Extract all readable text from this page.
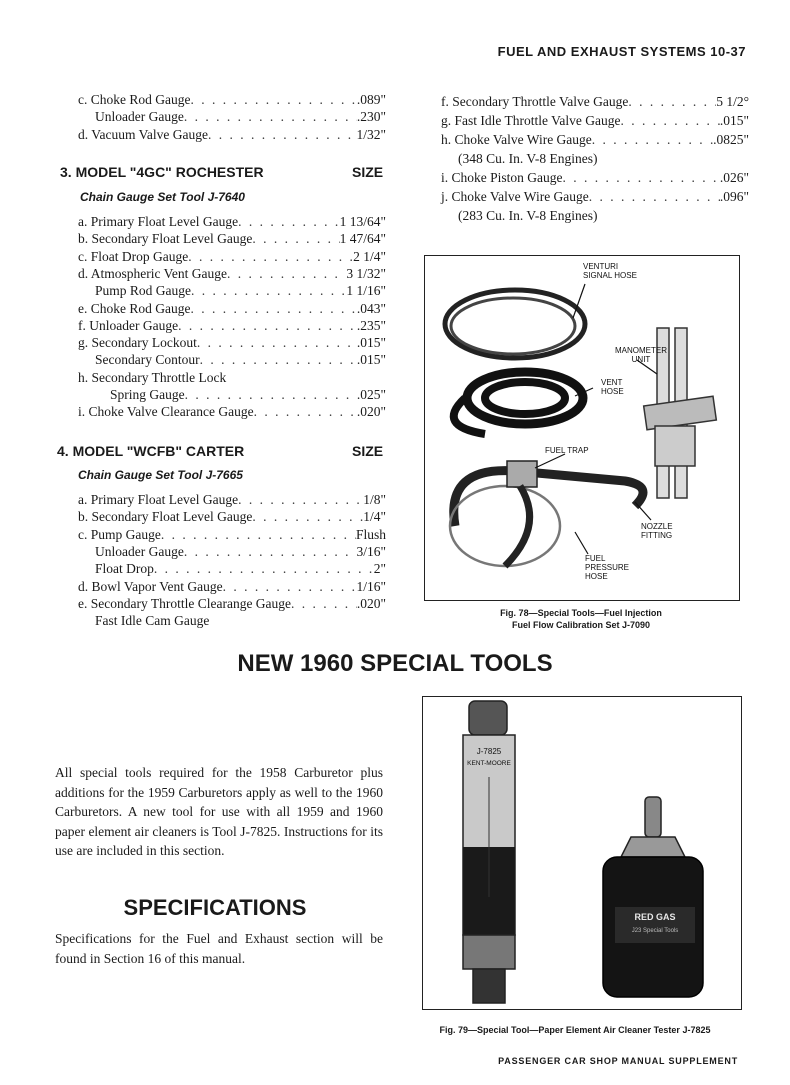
FUEL AND EXHAUST SYSTEMS 10-37
c. Choke Rod Gauge . . .	.089"
Unloader Gauge . . .	.230"
d. Vacuum Valve Gauge . . .	1/32"
3. MODEL "4GC" ROCHESTER	SIZE
Chain Gauge Set Tool J-7640
a. Primary Float Level Gauge . . .	1 13/64"
b. Secondary Float Level Gauge . . .	1 47/64"
c. Float Drop Gauge . . .	2 1/4"
d. Atmospheric Vent Gauge . . .	3 1/32"
Pump Rod Gauge . . .	1 1/16"
e. Choke Rod Gauge . . .	.043"
f. Unloader Gauge . . .	.235"
g. Secondary Lockout . . .	.015"
Secondary Contour . . .	.015"
h. Secondary Throttle Lock
Spring Gauge . . .	.025"
i. Choke Valve Clearance Gauge . . .	.020"
4. MODEL "WCFB" CARTER	SIZE
Chain Gauge Set Tool J-7665
a. Primary Float Level Gauge . . .	1/8"
b. Secondary Float Level Gauge . . .	1/4"
c. Pump Gauge . . .	Flush
Unloader Gauge . . .	3/16"
Float Drop . . .	2"
d. Bowl Vapor Vent Gauge . . .	1/16"
e. Secondary Throttle Clearange Gauge . . .	.020"
Fast Idle Cam Gauge
f. Secondary Throttle Valve Gauge . . .	5 1/2°
g. Fast Idle Throttle Valve Gauge . . .	.015"
h. Choke Valve Wire Gauge . . .	.0825"
(348 Cu. In. V-8 Engines)
i. Choke Piston Gauge . . .	.026"
j. Choke Valve Wire Gauge . . .	.096"
(283 Cu. In. V-8 Engines)
VENTURI SIGNAL HOSE
MANOMETER UNIT
VENT HOSE
FUEL TRAP
NOZZLE FITTING
FUEL PRESSURE HOSE
Fig. 78—Special Tools—Fuel Injection
Fuel Flow Calibration Set J-7090
NEW 1960 SPECIAL TOOLS
All special tools required for the 1958 Carburetor plus additions for the 1959 Carburetors apply as well to the 1960 Carburetors. A new tool for use with all 1959 and 1960 paper element air cleaners is Tool J-7825. Instructions for its use are included in this section.
SPECIFICATIONS
Specifications for the Fuel and Exhaust section will be found in Section 16 of this manual.
J-7825
KENT-MOORE
RED GAS
J23 Special Tools
Fig. 79—Special Tool—Paper Element Air Cleaner Tester J-7825
PASSENGER CAR SHOP MANUAL SUPPLEMENT
